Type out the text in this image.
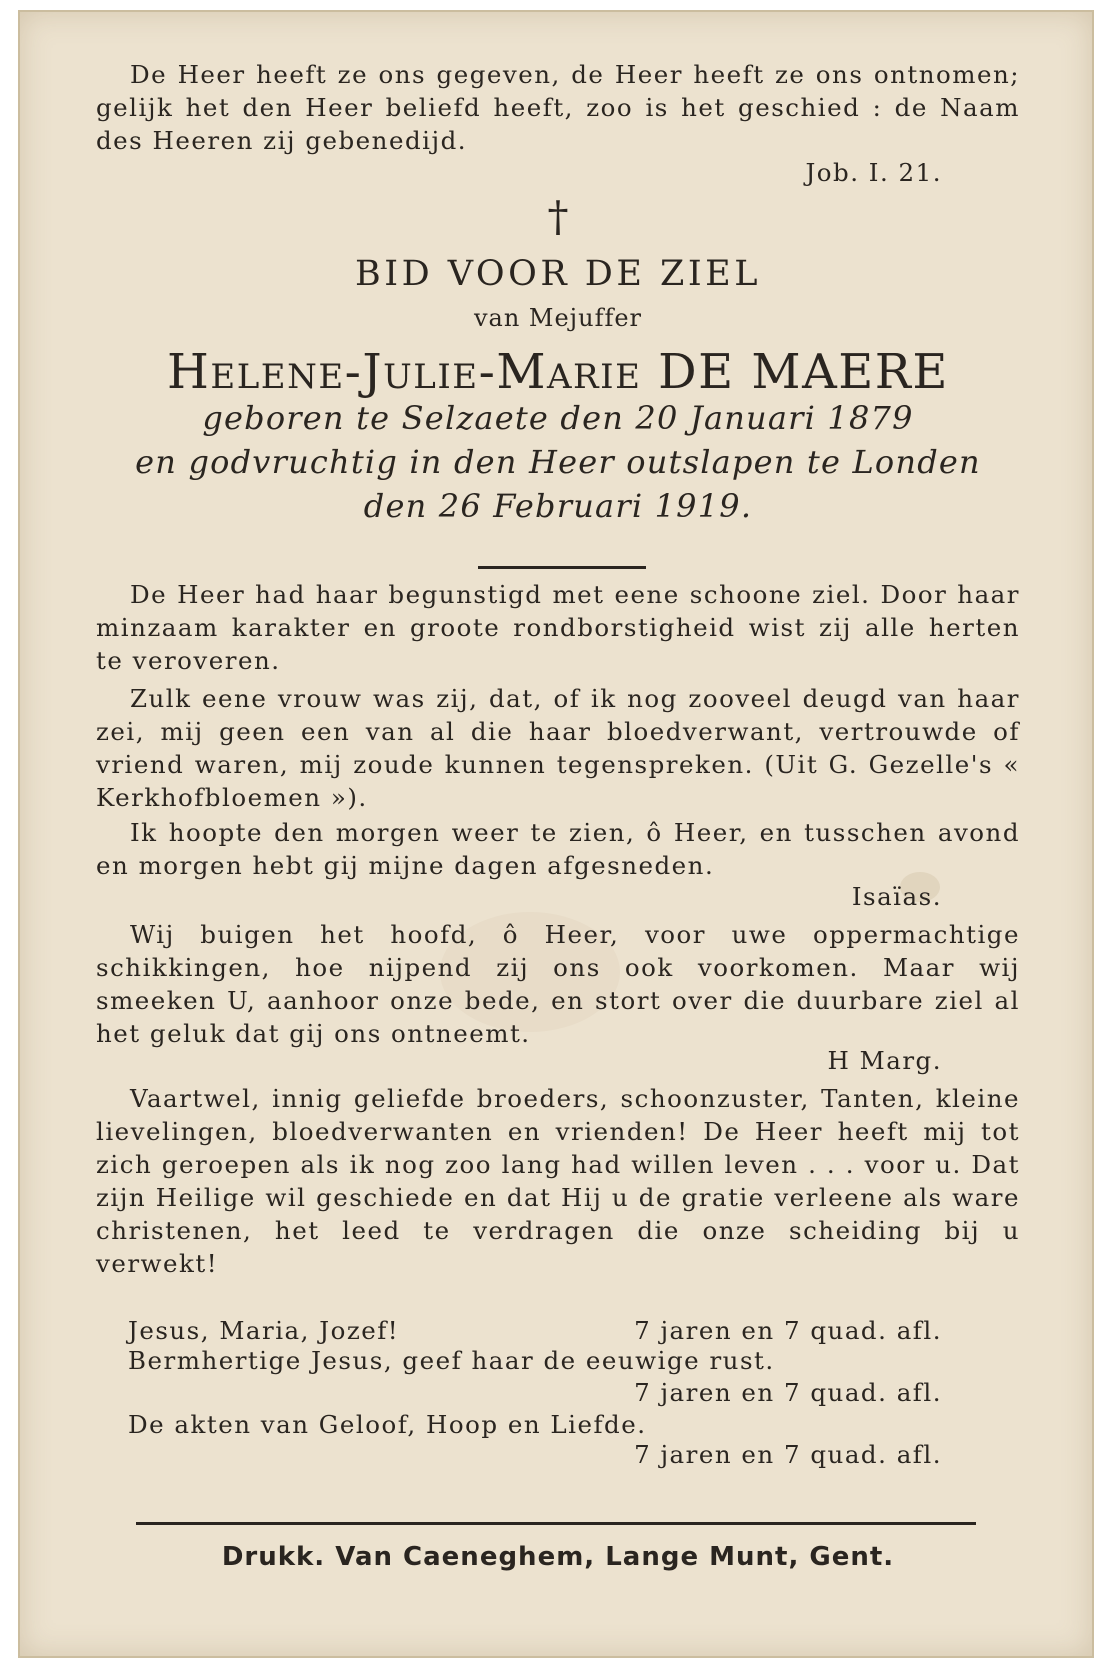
De Heer heeft ze ons gegeven, de Heer heeft ze ons ontnomen; gelijk het den Heer beliefd heeft, zoo is het geschied : de Naam des Heeren zij gebenedijd.

Job. I. 21.

†

BID VOOR DE ZIEL

van Mejuffer

Helene-Julie-Marie DE MAERE

geboren te Selzaete den 20 Januari 1879

en godvruchtig in den Heer outslapen te Londen

den 26 Februari 1919.

De Heer had haar begunstigd met eene schoone ziel. Door haar minzaam karakter en groote rondborstigheid wist zij alle herten te veroveren.

Zulk eene vrouw was zij, dat, of ik nog zooveel deugd van haar zei, mij geen een van al die haar bloedverwant, vertrouwde of vriend waren, mij zoude kunnen tegenspreken. (Uit G. Gezelle's « Kerkhofbloemen »).

Ik hoopte den morgen weer te zien, ô Heer, en tusschen avond en morgen hebt gij mijne dagen afgesneden.

Isaïas.

Wij buigen het hoofd, ô Heer, voor uwe oppermachtige schikkingen, hoe nijpend zij ons ook voorkomen. Maar wij smeeken U, aanhoor onze bede, en stort over die duurbare ziel al het geluk dat gij ons ontneemt.

H Marg.

Vaartwel, innig geliefde broeders, schoonzuster, Tanten, kleine lievelingen, bloedverwanten en vrienden! De Heer heeft mij tot zich geroepen als ik nog zoo lang had willen leven . . . voor u. Dat zijn Heilige wil geschiede en dat Hij u de gratie verleene als ware christenen, het leed te verdragen die onze scheiding bij u verwekt!

Jesus, Maria, Jozef!	7 jaren en 7 quad. afl.

Bermhertige Jesus, geef haar de eeuwige rust.

7 jaren en 7 quad. afl.

De akten van Geloof, Hoop en Liefde.

7 jaren en 7 quad. afl.

Drukk. Van Caeneghem, Lange Munt, Gent.
